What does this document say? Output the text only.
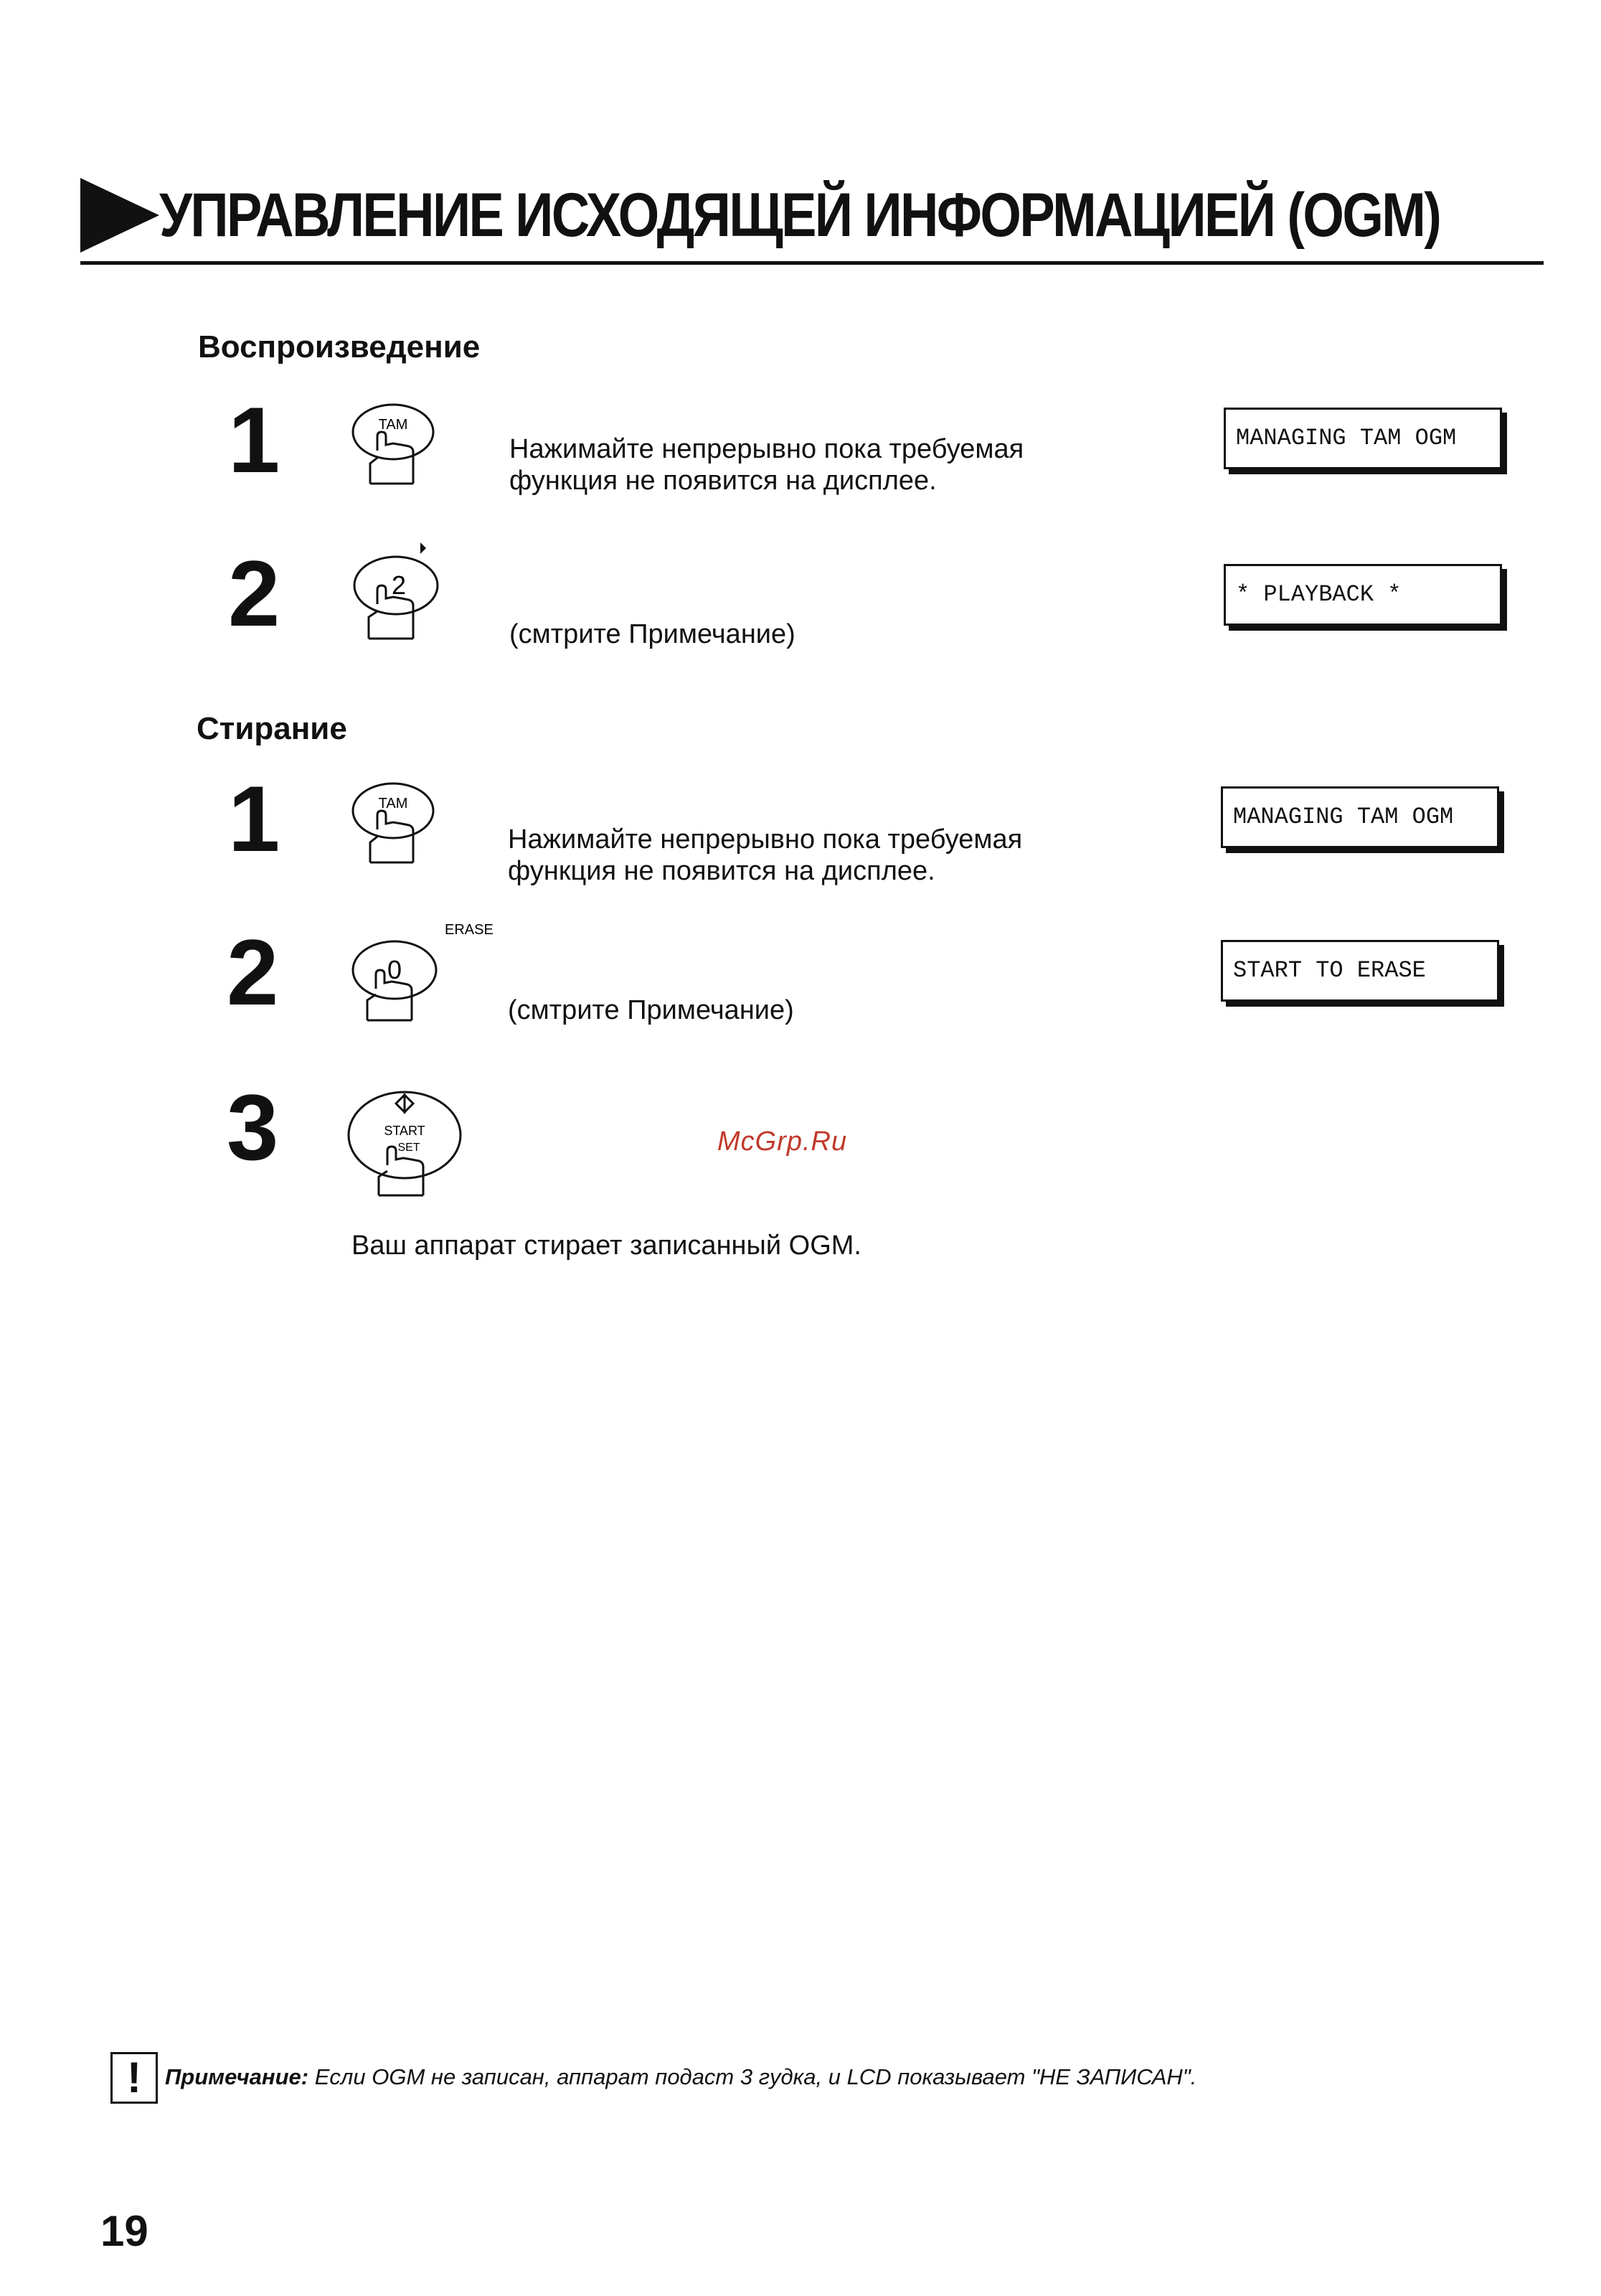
УПРАВЛЕНИЕ ИСХОДЯЩЕЙ ИНФОРМАЦИЕЙ (OGM)
Воспроизведение
1	TAM
Нажимайте непрерывно пока требуемая
функция не появится на дисплее.
MANAGING TAM OGM
2	2
(смтрите Примечание)
* PLAYBACK *
Стирание
1	TAM
Нажимайте непрерывно пока требуемая
функция не появится на дисплее.
MANAGING TAM OGM
2	ERASE
0
(смтрите Примечание)
START TO ERASE
3	START
SET	McGrp.Ru
Ваш аппарат стирает записанный OGM.
!	Примечание: Если OGM не записан, аппарат подаст 3 гудка, и LCD показывает "НЕ ЗАПИСАН".
19
